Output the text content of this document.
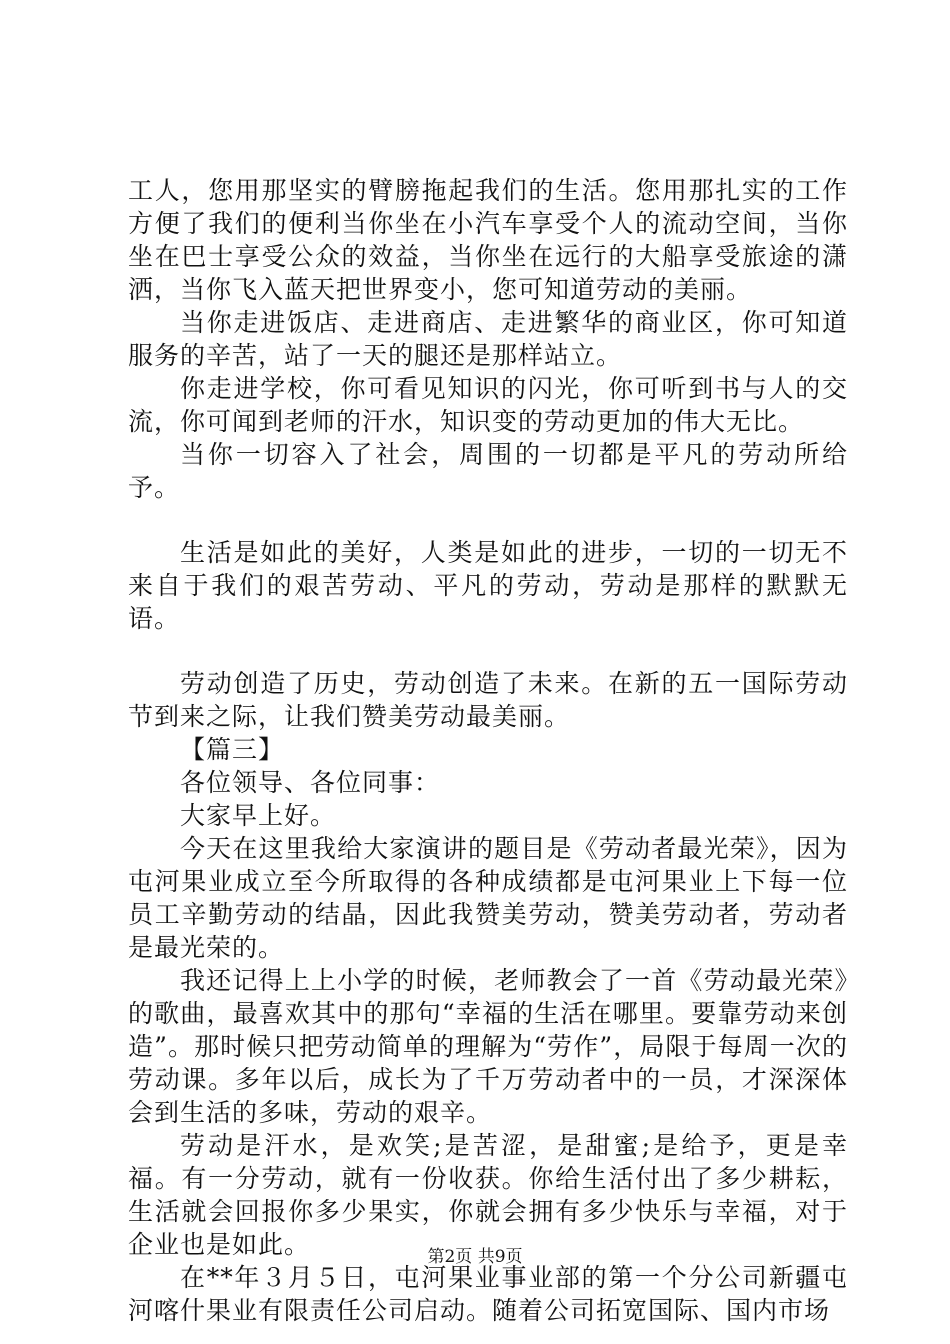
工人，您用那坚实的臂膀拖起我们的生活。您用那扎实的工作方便了我们的便利当你坐在小汽车享受个人的流动空间，当你坐在巴士享受公众的效益，当你坐在远行的大船享受旅途的潇洒，当你飞入蓝天把世界变小，您可知道劳动的美丽。

当你走进饭店、走进商店、走进繁华的商业区，你可知道服务的辛苦，站了一天的腿还是那样站立。

你走进学校，你可看见知识的闪光，你可听到书与人的交流，你可闻到老师的汗水，知识变的劳动更加的伟大无比。

当你一切容入了社会，周围的一切都是平凡的劳动所给予。

生活是如此的美好，人类是如此的进步，一切的一切无不来自于我们的艰苦劳动、平凡的劳动，劳动是那样的默默无语。

劳动创造了历史，劳动创造了未来。在新的五一国际劳动节到来之际，让我们赞美劳动最美丽。

【篇三】

各位领导、各位同事：

大家早上好。

今天在这里我给大家演讲的题目是《劳动者最光荣》，因为屯河果业成立至今所取得的各种成绩都是屯河果业上下每一位员工辛勤劳动的结晶，因此我赞美劳动，赞美劳动者，劳动者是最光荣的。

我还记得上上小学的时候，老师教会了一首《劳动最光荣》的歌曲，最喜欢其中的那句“幸福的生活在哪里。要靠劳动来创造”。那时候只把劳动简单的理解为“劳作”，局限于每周一次的劳动课。多年以后，成长为了千万劳动者中的一员，才深深体会到生活的多味，劳动的艰辛。

劳动是汗水，是欢笑;是苦涩，是甜蜜;是给予，更是幸福。有一分劳动，就有一份收获。你给生活付出了多少耕耘，生活就会回报你多少果实，你就会拥有多少快乐与幸福，对于企业也是如此。

在**年３月５日，屯河果业事业部的第一个分公司新疆屯河喀什果业有限责任公司启动。随着公司拓宽国际、国内市场

第2页 共9页
